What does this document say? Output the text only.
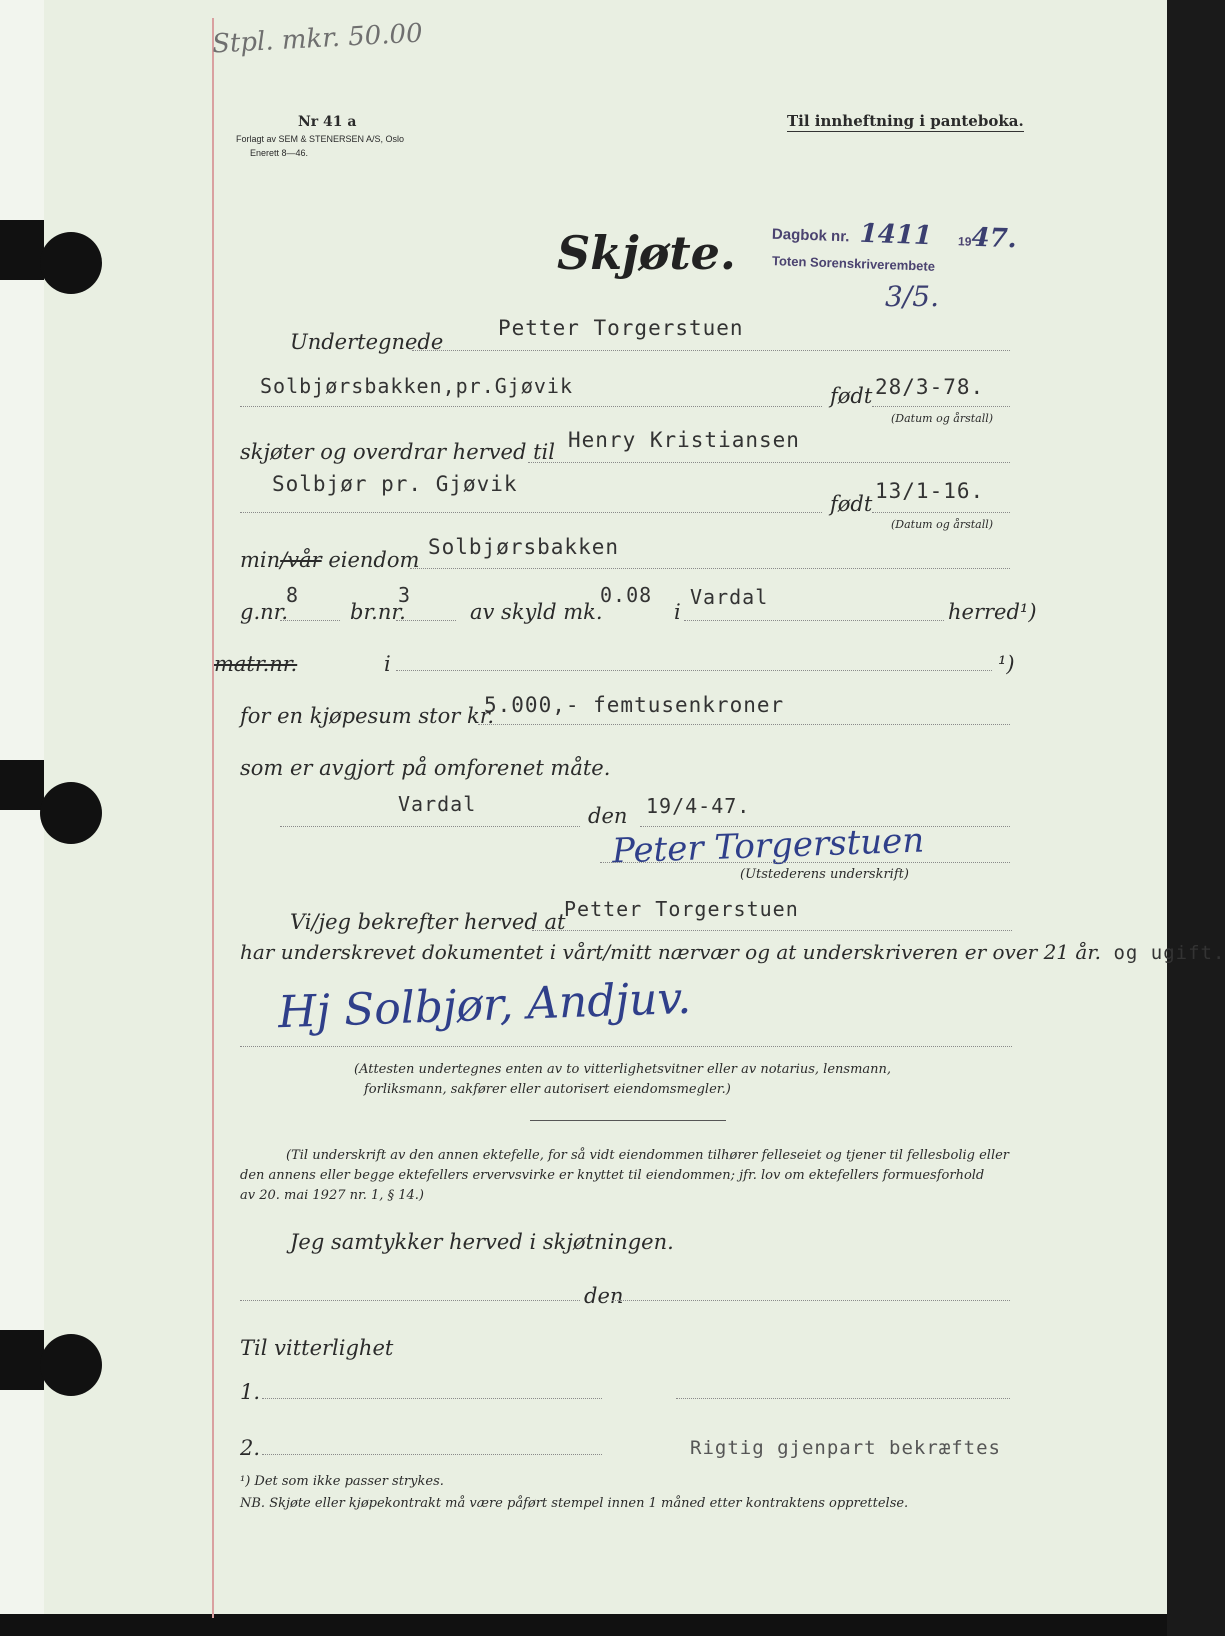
Stpl. mkr. 50.00
Nr 41 a
Forlagt av SEM & STENERSEN A/S, Oslo
Enerett 8—46.
Til innheftning i panteboka.
Skjøte. Dagbok nr. 1411 1947.
Toten Sorenskriverembete
3/5.
Undertegnede
Petter Torgerstuen
Solbjørsbakken,pr.Gjøvik	født 28/3-78.
(Datum og årstall)
skjøter og overdrar herved til Henry Kristiansen
Solbjør pr. Gjøvik
født
13/1-16.
(Datum og årstall)
min/vår eiendom
Solbjørsbakken
g.nr.
8
br.nr.
3
av skyld mk.
0.08
i
Vardal
herred¹)
matr.nr.	i	¹)
for en kjøpesum stor kr.
5.000,- femtusenkroner
som er avgjort på omforenet måte.
Vardal	den 19/4-47.
Peter Torgerstuen
(Utstederens underskrift)
Vi/jeg bekrefter herved at
Petter Torgerstuen
har underskrevet dokumentet i vårt/mitt nærvær og at underskriveren er over 21 år. og ugift.
Hj Solbjør, Andjuv.
(Attesten undertegnes enten av to vitterlighetsvitner eller av notarius, lensmann,
forliksmann, sakfører eller autorisert eiendomsmegler.)
(Til underskrift av den annen ektefelle, for så vidt eiendommen tilhører felleseiet og tjener til fellesbolig eller
den annens eller begge ektefellers ervervsvirke er knyttet til eiendommen; jfr. lov om ektefellers formuesforhold
av 20. mai 1927 nr. 1, § 14.)
Jeg samtykker herved i skjøtningen.
den
Til vitterlighet
1.
2.	Rigtig gjenpart bekræftes
¹) Det som ikke passer strykes.
NB. Skjøte eller kjøpekontrakt må være påført stempel innen 1 måned etter kontraktens opprettelse.
